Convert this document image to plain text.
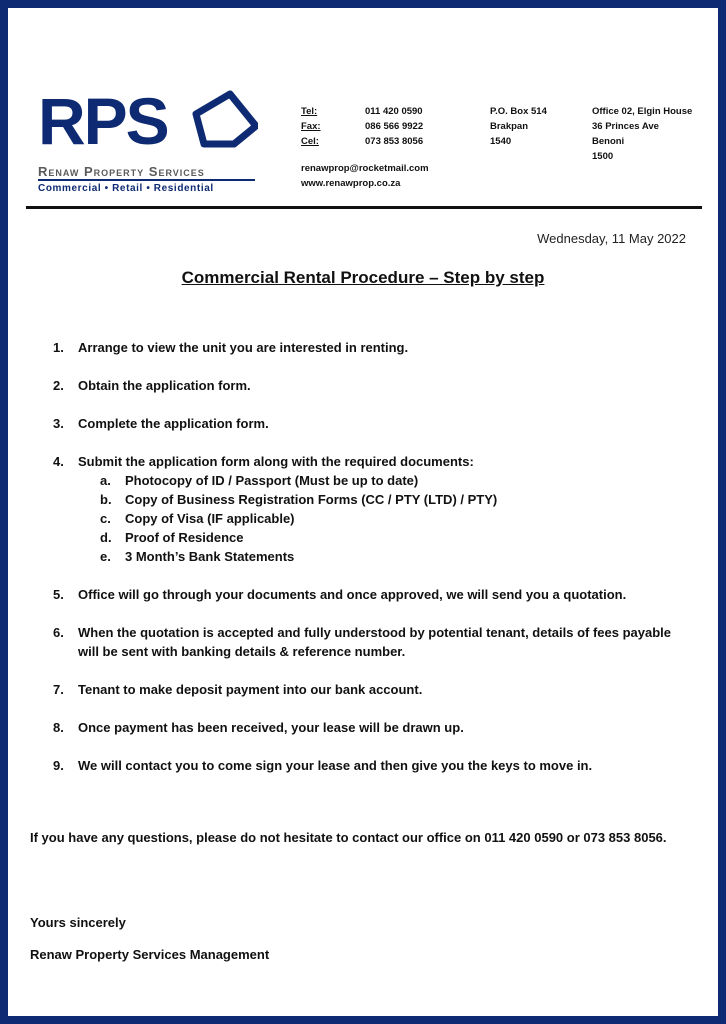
RPS
Renaw Property Services
Commercial • Retail • Residential
Tel:	011 420 0590
Fax:	086 566 9922
Cel:	073 853 8056
renawprop@rocketmail.com
www.renawprop.co.za
P.O. Box 514
Brakpan
1540
Office 02, Elgin House
36 Princes Ave
Benoni
1500
Wednesday, 11 May 2022
Commercial Rental Procedure – Step by step
1.	Arrange to view the unit you are interested in renting.
2.	Obtain the application form.
3.	Complete the application form.
4.	Submit the application form along with the required documents:
a.	Photocopy of ID / Passport (Must be up to date)
b.	Copy of Business Registration Forms (CC / PTY (LTD) / PTY)
c.	Copy of Visa (IF applicable)
d.	Proof of Residence
e.	3 Month’s Bank Statements
5.	Office will go through your documents and once approved, we will send you a quotation.
6.	When the quotation is accepted and fully understood by potential tenant, details of fees payable will be sent with banking details & reference number.
7.	Tenant to make deposit payment into our bank account.
8.	Once payment has been received, your lease will be drawn up.
9.	We will contact you to come sign your lease and then give you the keys to move in.
If you have any questions, please do not hesitate to contact our office on 011 420 0590 or 073 853 8056.
Yours sincerely
Renaw Property Services Management
